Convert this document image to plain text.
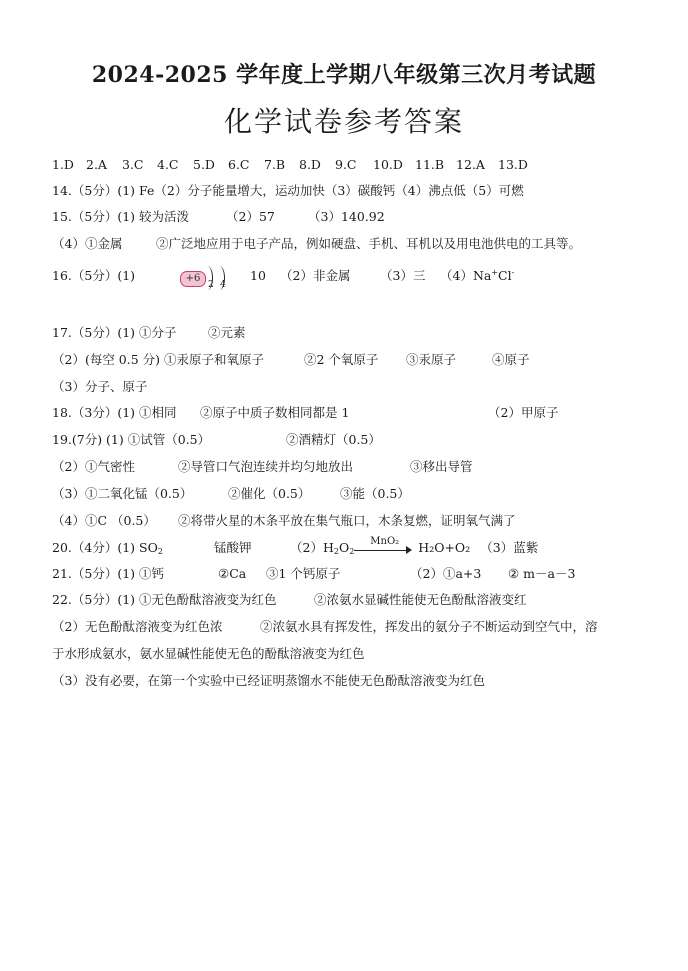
2024-2025 学年度上学期八年级第三次月考试题
化学试卷参考答案
1.D 2.A 3.C 4.C 5.D 6.C 7.B 8.D 9.C 10.D 11.B 12.A 13.D
14.（5分）(1) Fe（2）分子能量增大，运动加快（3）碳酸钙（4）沸点低（5）可燃
15.（5分）(1) 较为活泼	（2）57	（3）140.92
（4）①金属	②广泛地应用于电子产品，例如硬盘、手机、耳机以及用电池供电的工具等。
16.（5分）(1)	+6
2 4
10 （2）非金属 （3）三 （4）Na+Cl-
17.（5分）(1) ①分子	②元素
（2）(每空 0.5 分) ①汞原子和氧原子	②2 个氧原子 ③汞原子	④原子
（3）分子、原子
18.（3分）(1) ①相同 ②原子中质子数相同都是 1	（2）甲原子
19.(7分) (1) ①试管（0.5）	②酒精灯（0.5）
（2）①气密性	②导管口气泡连续并均匀地放出	③移出导管
（3）①二氧化锰（0.5）	②催化（0.5） ③能（0.5）
（4）①C （0.5） ②将带火星的木条平放在集气瓶口，木条复燃，证明氧气满了
20.（4分）(1) $SO_2$	锰酸钾	$(2)H_2O_2$
MnO₂ H₂O+O₂ （3）蓝紫
21.（5分）(1) ①钙	②Ca ③1 个钙原子	（2）①a+3 ② m－a－3
22.（5分）(1) ①无色酚酞溶液变为红色	②浓氨水显碱性能使无色酚酞溶液变红
（2）无色酚酞溶液变为红色浓	②浓氨水具有挥发性，挥发出的氨分子不断运动到空气中，溶
于水形成氨水，氨水显碱性能使无色的酚酞溶液变为红色
（3）没有必要，在第一个实验中已经证明蒸馏水不能使无色酚酞溶液变为红色
